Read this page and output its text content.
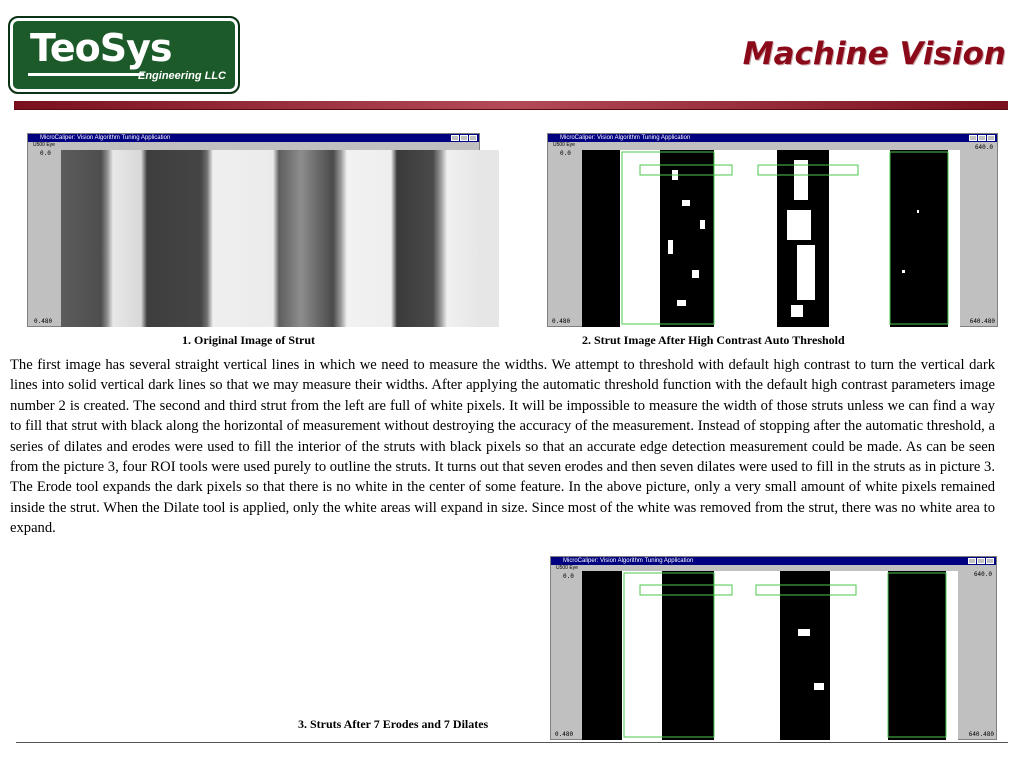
TeoSys
Engineering LLC
Machine Vision
MicroCaliper: Vision Algorithm Tuning Application
U500 Eye
0.0
0.480
MicroCaliper: Vision Algorithm Tuning Application
U500 Eye
0.0
0.480
640.0
640.480
1. Original Image of Strut	2. Strut Image After High Contrast Auto Threshold
The first image has several straight vertical lines in which we need to measure the widths. We attempt to threshold with default high contrast to turn the vertical dark lines into solid vertical dark lines so that we may measure their widths. After applying the automatic threshold function with the default high contrast parameters image number 2 is created. The second and third strut from the left are full of white pixels. It will be impossible to measure the width of those struts unless we can find a way to fill that strut with black along the horizontal of measurement without destroying the accuracy of the measurement. Instead of stopping after the automatic threshold, a series of dilates and erodes were used to fill the interior of the struts with black pixels so that an accurate edge detection measurement could be made. As can be seen from the picture 3, four ROI tools were used purely to outline the struts. It turns out that seven erodes and then seven dilates were used to fill in the struts as in picture 3. The Erode tool expands the dark pixels so that there is no white in the center of some feature. In the above picture, only a very small amount of white pixels remained inside the strut. When the Dilate tool is applied, only the white areas will expand in size. Since most of the white was removed from the strut, there was no white area to expand.
MicroCaliper: Vision Algorithm Tuning Application
U500 Eye
0.0
0.480
640.0
640.480
3. Struts After 7 Erodes and 7 Dilates
